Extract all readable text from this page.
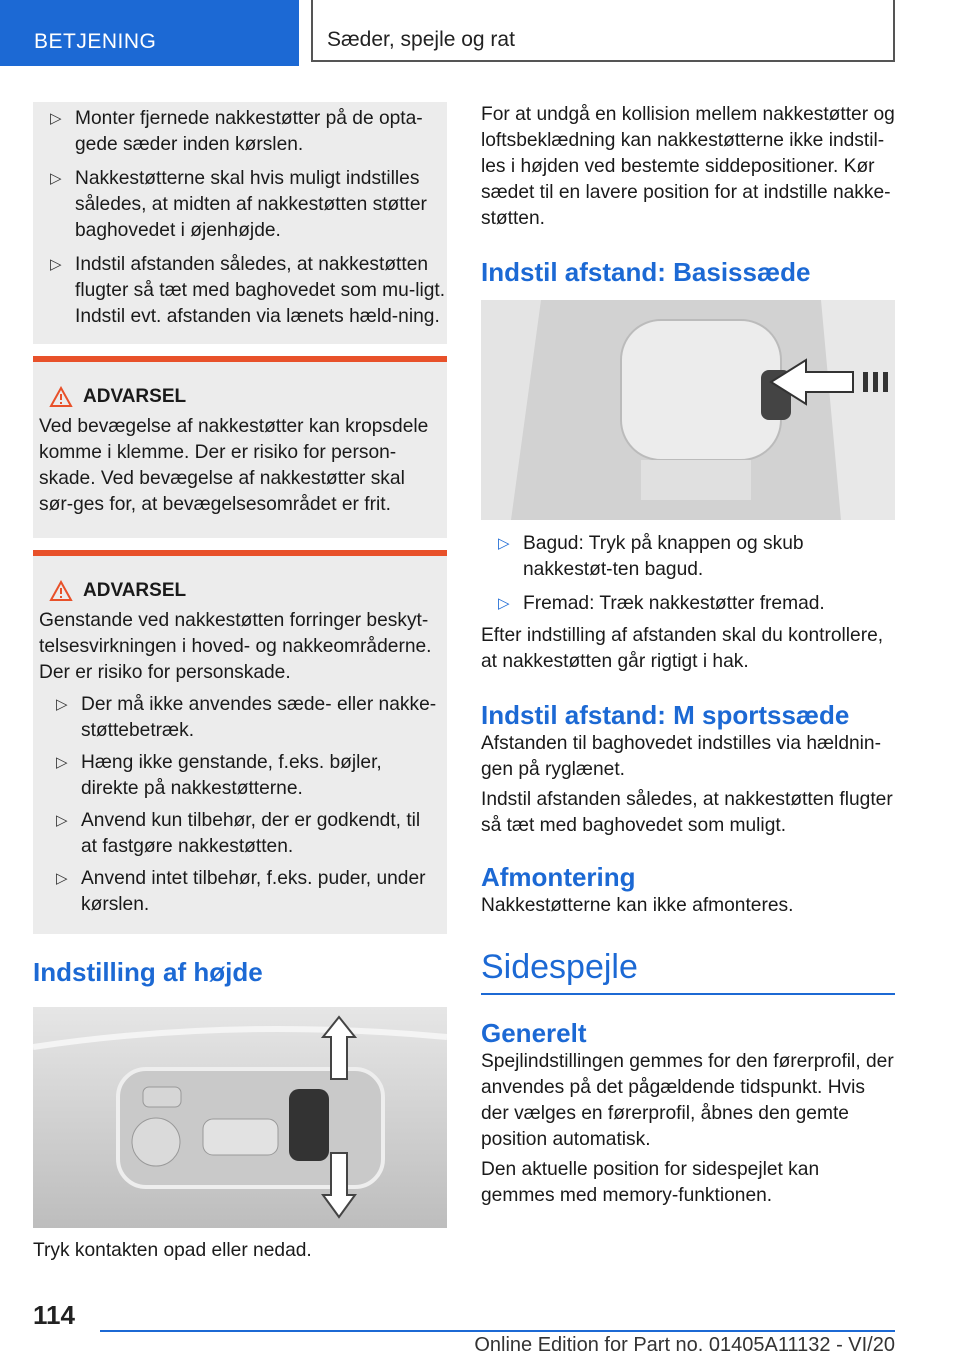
BETJENING	Sæder, spejle og rat
▷ Monter fjernede nakkestøtter på de opta-gede sæder inden kørslen.
▷ Nakkestøtterne skal hvis muligt indstilles således, at midten af nakkestøtten støtter baghovedet i øjenhøjde.
▷ Indstil afstanden således, at nakkestøtten flugter så tæt med baghovedet som mu-ligt. Indstil evt. afstanden via lænets hæld-ning.
ADVARSEL
Ved bevægelse af nakkestøtter kan kropsdele komme i klemme. Der er risiko for person-skade. Ved bevægelse af nakkestøtter skal sør-ges for, at bevægelsesområdet er frit.
ADVARSEL
Genstande ved nakkestøtten forringer beskyt-telsesvirkningen i hoved- og nakkeområderne. Der er risiko for personskade.
▷ Der må ikke anvendes sæde- eller nakke-støttebetræk.
▷ Hæng ikke genstande, f.eks. bøjler, direkte på nakkestøtterne.
▷ Anvend kun tilbehør, der er godkendt, til at fastgøre nakkestøtten.
▷ Anvend intet tilbehør, f.eks. puder, under kørslen.
Indstilling af højde
Tryk kontakten opad eller nedad.
For at undgå en kollision mellem nakkestøtter og loftsbeklædning kan nakkestøtterne ikke indstil-les i højden ved bestemte siddepositioner. Kør sædet til en lavere position for at indstille nakke-støtten.
Indstil afstand: Basissæde
▷ Bagud: Tryk på knappen og skub nakkestøt-ten bagud.
▷ Fremad: Træk nakkestøtter fremad.
Efter indstilling af afstanden skal du kontrollere, at nakkestøtten går rigtigt i hak.
Indstil afstand: M sportssæde
Afstanden til baghovedet indstilles via hældnin-gen på ryglænet.
Indstil afstanden således, at nakkestøtten flugter så tæt med baghovedet som muligt.
Afmontering
Nakkestøtterne kan ikke afmonteres.
Sidespejle
Generelt
Spejlindstillingen gemmes for den førerprofil, der anvendes på det pågældende tidspunkt. Hvis der vælges en førerprofil, åbnes den gemte position automatisk.
Den aktuelle position for sidespejlet kan gemmes med memory-funktionen.
114
Online Edition for Part no. 01405A11132 - VI/20
